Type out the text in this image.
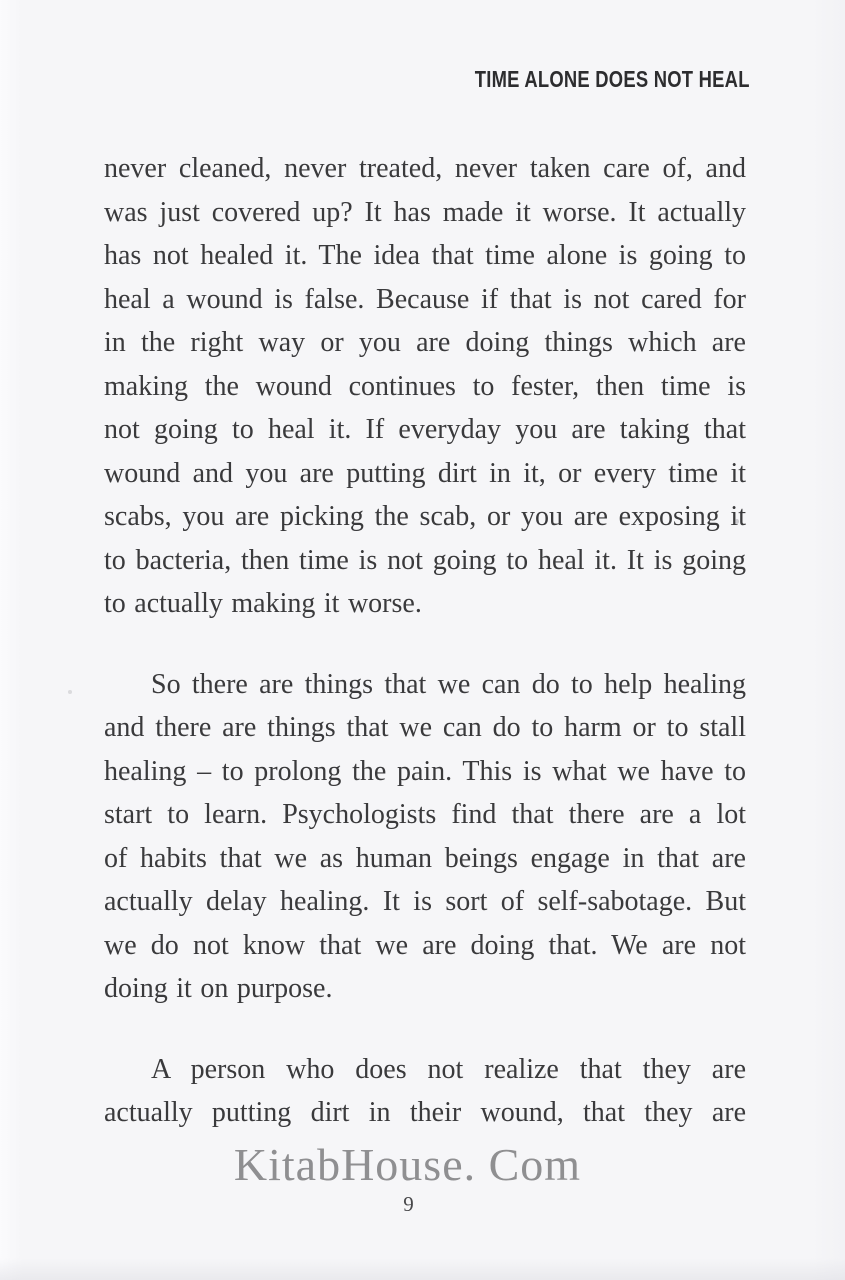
TIME ALONE DOES NOT HEAL
never cleaned, never treated, never taken care of, and
was just covered up? It has made it worse. It actually
has not healed it. The idea that time alone is going to
heal a wound is false. Because if that is not cared for
in the right way or you are doing things which are
making the wound continues to fester, then time is
not going to heal it. If everyday you are taking that
wound and you are putting dirt in it, or every time it
scabs, you are picking the scab, or you are exposing it
to bacteria, then time is not going to heal it. It is going
to actually making it worse.
So there are things that we can do to help healing
and there are things that we can do to harm or to stall
healing – to prolong the pain. This is what we have to
start to learn. Psychologists find that there are a lot
of habits that we as human beings engage in that are
actually delay healing. It is sort of self-sabotage. But
we do not know that we are doing that. We are not
doing it on purpose.
A person who does not realize that they are
actually putting dirt in their wound, that they are
KitabHouse. Com
9
